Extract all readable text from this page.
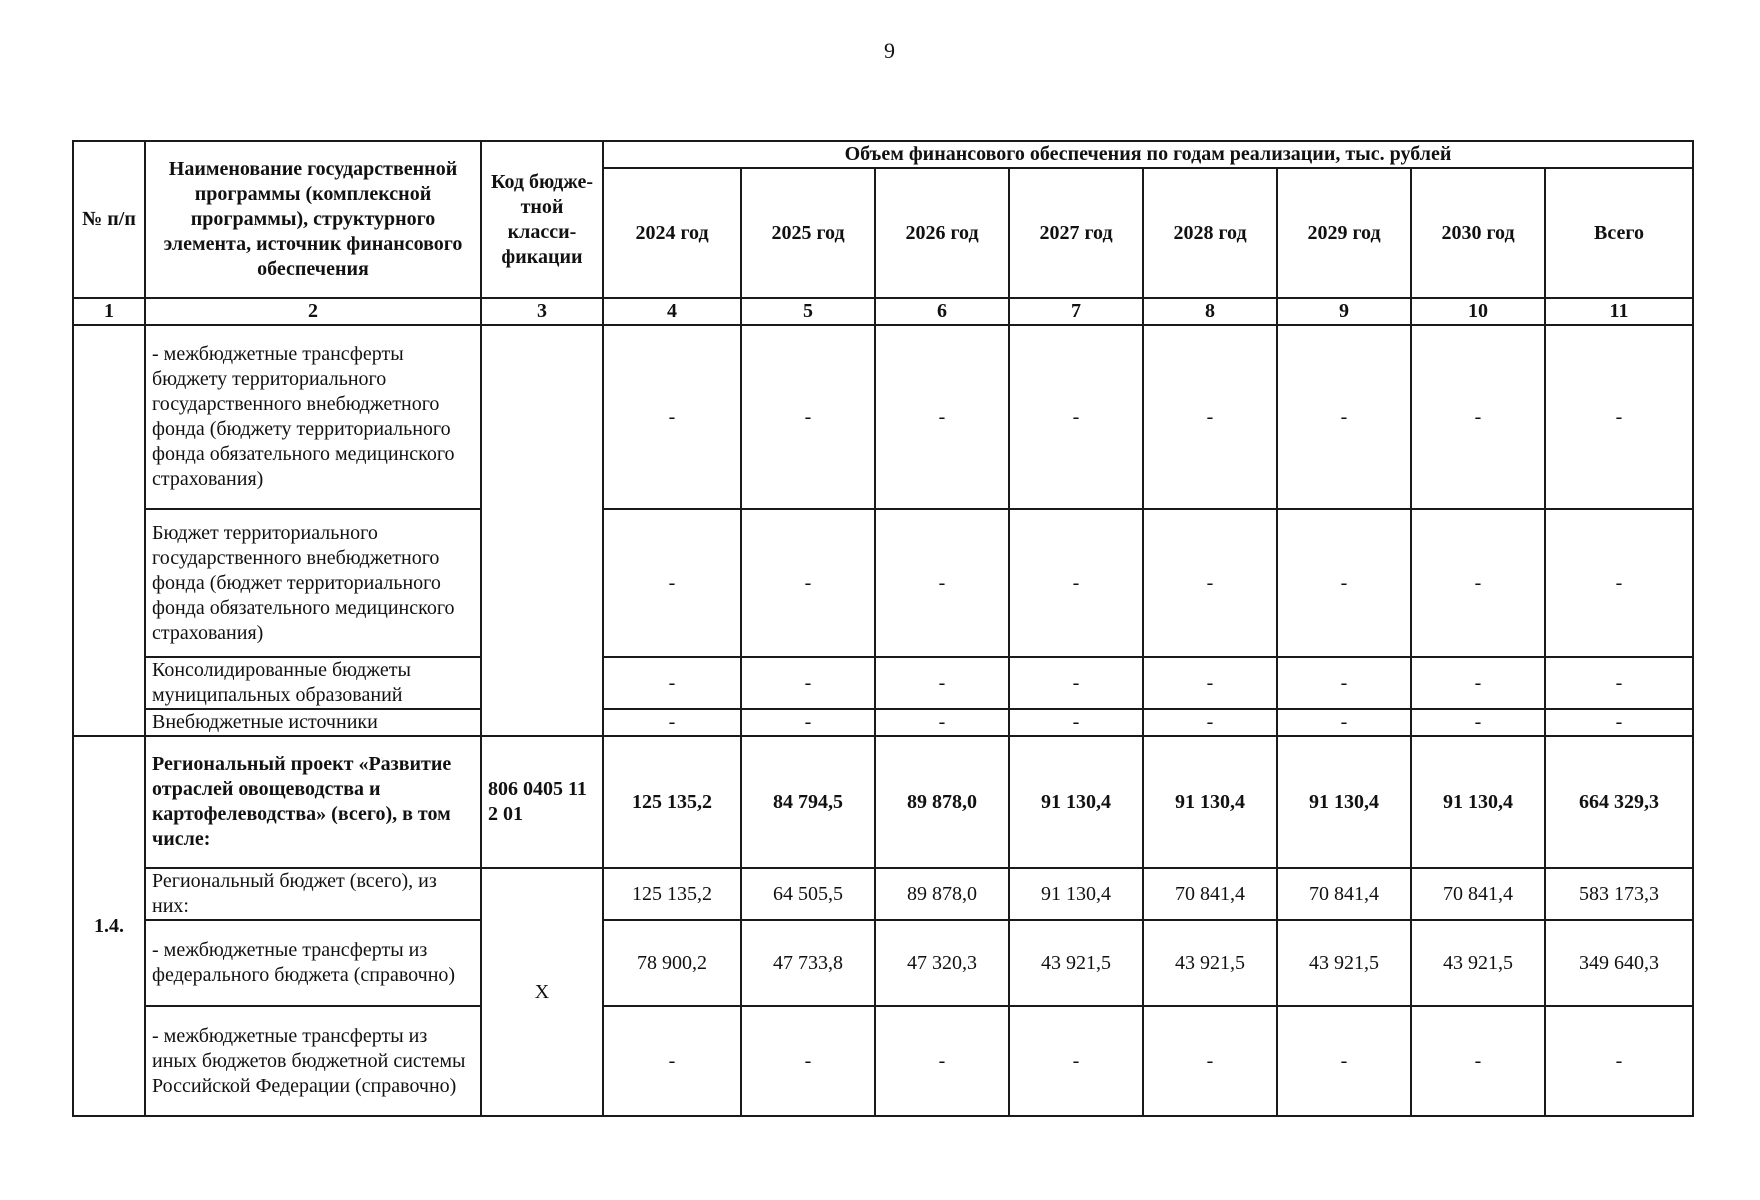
9
№ п/п	Наименование государственной программы (комплексной программы), структурного элемента, источник финансового обеспечения	Код бюдже-тной класси-фикации	Объем финансового обеспечения по годам реализации, тыс. рублей							
			2024 год	2025 год	2026 год	2027 год	2028 год	2029 год	2030 год	Всего
1	2	3	4	5	6	7	8	9	10	11
	- межбюджетные трансферты бюджету территориального государственного внебюджетного фонда (бюджету территориального фонда обязательного медицинского страхования)		-	-	-	-	-	-	-	-
	Бюджет территориального государственного внебюджетного фонда (бюджет территориального фонда обязательного медицинского страхования)		-	-	-	-	-	-	-	-
	Консолидированные бюджеты муниципальных образований		-	-	-	-	-	-	-	-
	Внебюджетные источники		-	-	-	-	-	-	-	-
1.4.	Региональный проект «Развитие отраслей овощеводства и картофелеводства» (всего), в том числе:	806 0405 11 2 01	125 135,2	84 794,5	89 878,0	91 130,4	91 130,4	91 130,4	91 130,4	664 329,3
	Региональный бюджет (всего), из них:	X	125 135,2	64 505,5	89 878,0	91 130,4	70 841,4	70 841,4	70 841,4	583 173,3
	- межбюджетные трансферты из федерального бюджета (справочно)		78 900,2	47 733,8	47 320,3	43 921,5	43 921,5	43 921,5	43 921,5	349 640,3
	- межбюджетные трансферты из иных бюджетов бюджетной системы Российской Федерации (справочно)		-	-	-	-	-	-	-	-
